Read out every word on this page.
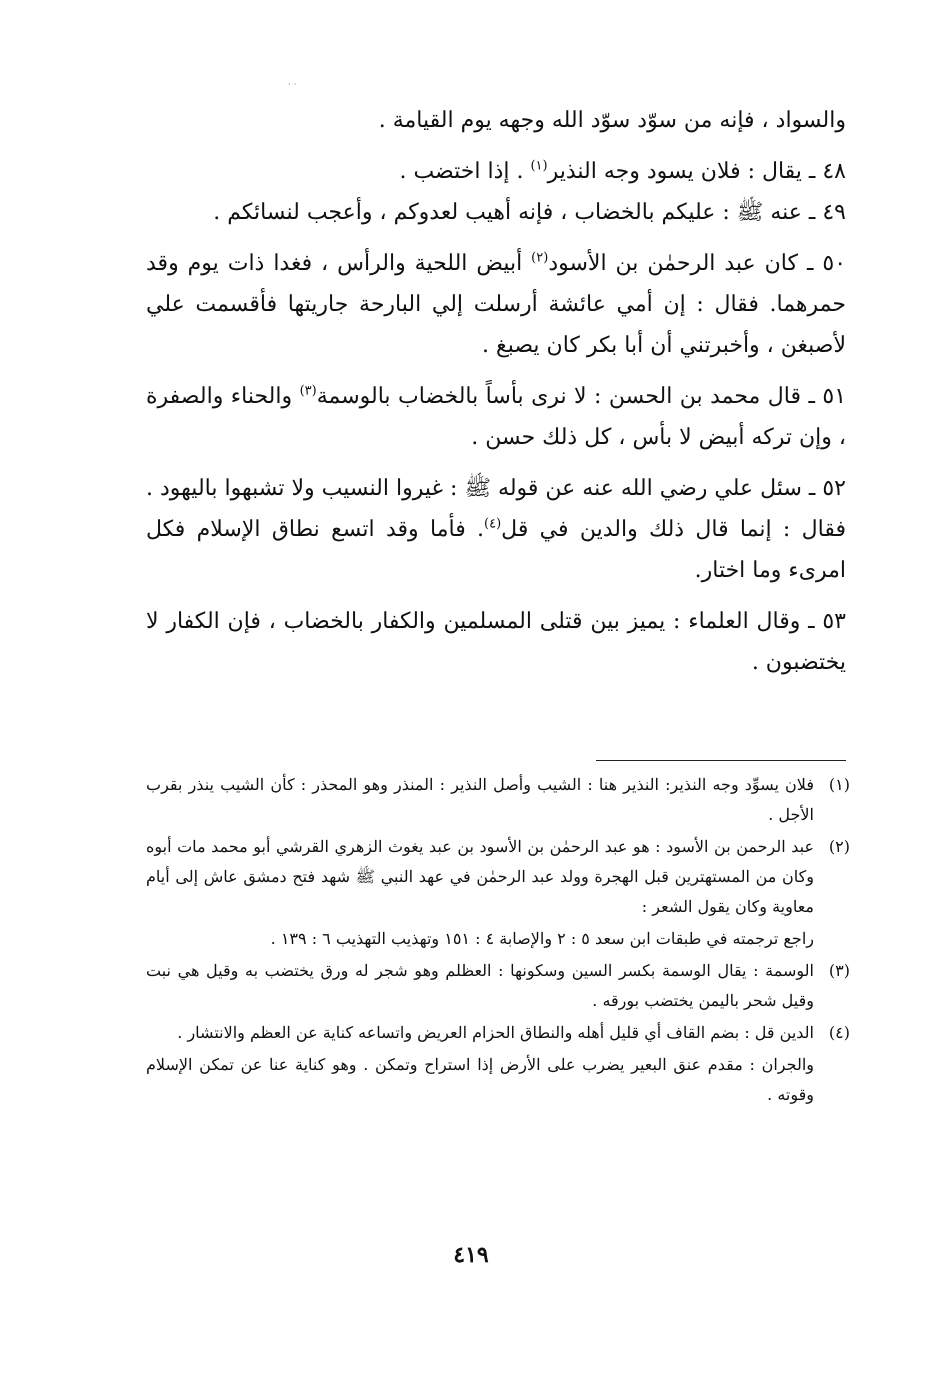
· ·

والسواد ، فإنه من سوّد سوّد الله وجهه يوم القيامة .

٤٨ ـ يقال : فلان يسود وجه النذير$^{(١)}$ . إذا اختضب .

٤٩ ـ عنه ﷺ : عليكم بالخضاب ، فإنه أهيب لعدوكم ، وأعجب لنسائكم .

٥٠ ـ كان عبد الرحمٰن بن الأسود$^{(٢)}$ أبيض اللحية والرأس ، فغدا ذات يوم وقد حمرهما. فقال : إن أمي عائشة أرسلت إلي البارحة جاريتها فأقسمت علي لأصبغن ، وأخبرتني أن أبا بكر كان يصبغ .

٥١ ـ قال محمد بن الحسن : لا نرى بأساً بالخضاب بالوسمة$^{(٣)}$ والحناء والصفرة ، وإن تركه أبيض لا بأس ، كل ذلك حسن .

٥٢ ـ سئل علي رضي الله عنه عن قوله ﷺ : غيروا النسيب ولا تشبهوا باليهود . فقال : إنما قال ذلك والدين في قل$^{(٤)}$. فأما وقد اتسع نطاق الإسلام فكل امرىء وما اختار.

٥٣ ـ وقال العلماء : يميز بين قتلى المسلمين والكفار بالخضاب ، فإن الكفار لا يختضبون .

(١)
فلان يسوِّد وجه النذير: النذير هنا : الشيب وأصل النذير : المنذر وهو المحذر : كأن الشيب ينذر بقرب الأجل .
(٢)
عبد الرحمن بن الأسود : هو عبد الرحمٰن بن الأسود بن عبد يغوث الزهري القرشي أبو محمد مات أبوه وكان من المستهترين قبل الهجرة وولد عبد الرحمٰن في عهد النبي ﷺ شهد فتح دمشق عاش إلى أيام معاوية وكان يقول الشعر :
راجع ترجمته في طبقات ابن سعد ٥ : ٢ والإصابة ٤ : ١٥١ وتهذيب التهذيب ٦ : ١٣٩ .
(٣)
الوسمة : يقال الوسمة بكسر السين وسكونها : العظلم وهو شجر له ورق يختضب به وقيل هي نبت وقيل شحر باليمن يختضب بورقه .
(٤)
الدين قل : بضم القاف أي قليل أهله والنطاق الحزام العريض واتساعه كناية عن العظم والانتشار .
والجران : مقدم عنق البعير يضرب على الأرض إذا استراح وتمكن . وهو كناية عنا عن تمكن الإسلام وقوته .
٤١٩
